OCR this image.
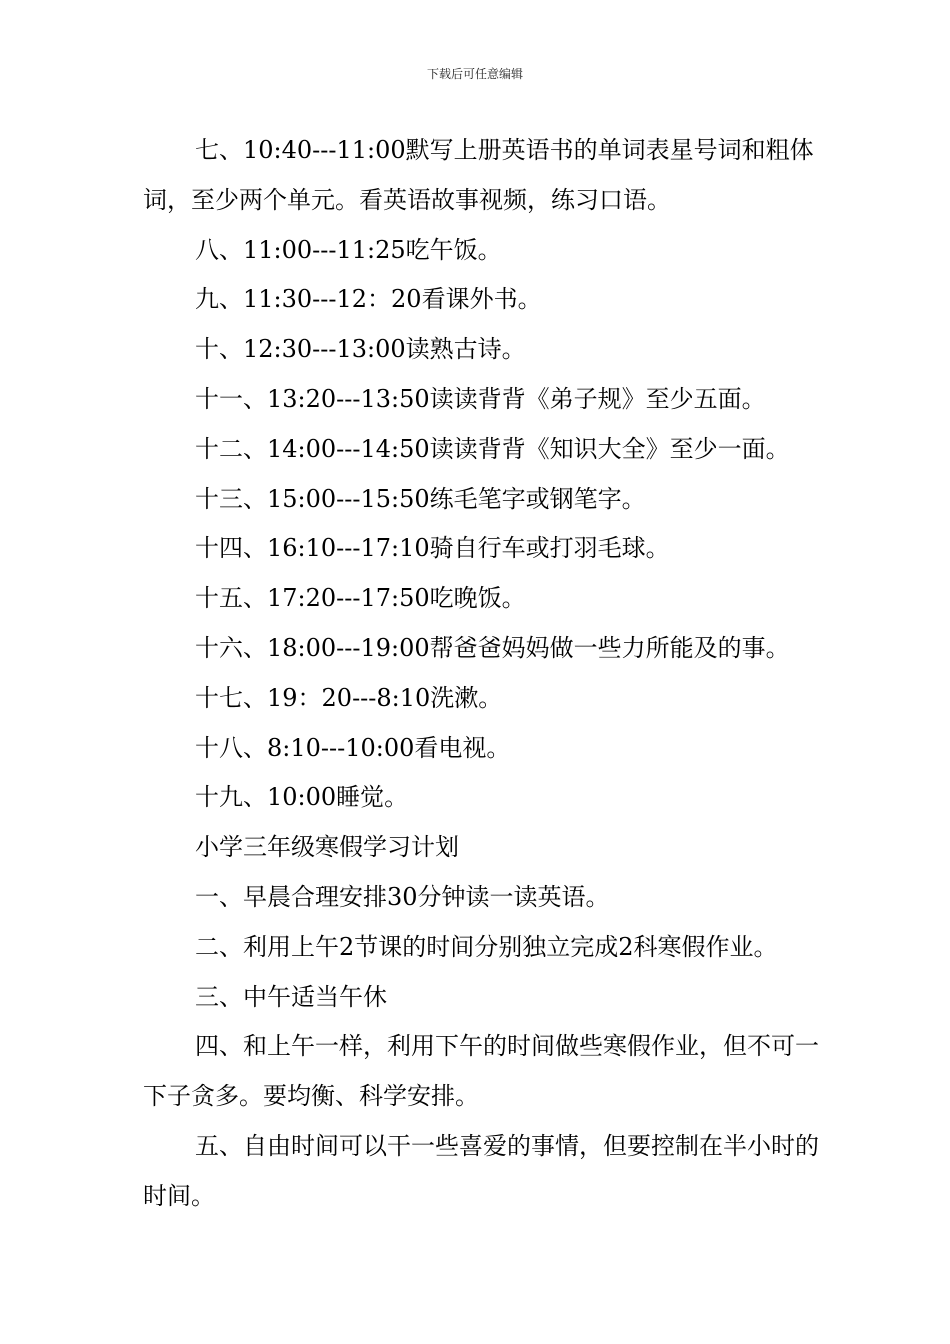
下载后可任意编辑

七、10:40---11:00默写上册英语书的单词表星号词和粗体词，至少两个单元。看英语故事视频，练习口语。

八、11:00---11:25吃午饭。

九、11:30---12：20看课外书。

十、12:30---13:00读熟古诗。

十一、13:20---13:50读读背背《弟子规》至少五面。

十二、14:00---14:50读读背背《知识大全》至少一面。

十三、15:00---15:50练毛笔字或钢笔字。

十四、16:10---17:10骑自行车或打羽毛球。

十五、17:20---17:50吃晚饭。

十六、18:00---19:00帮爸爸妈妈做一些力所能及的事。

十七、19：20---8:10洗漱。

十八、8:10---10:00看电视。

十九、10:00睡觉。

小学三年级寒假学习计划

一、早晨合理安排30分钟读一读英语。

二、利用上午2节课的时间分别独立完成2科寒假作业。

三、中午适当午休

四、和上午一样，利用下午的时间做些寒假作业，但不可一下子贪多。要均衡、科学安排。

五、自由时间可以干一些喜爱的事情，但要控制在半小时的时间。
